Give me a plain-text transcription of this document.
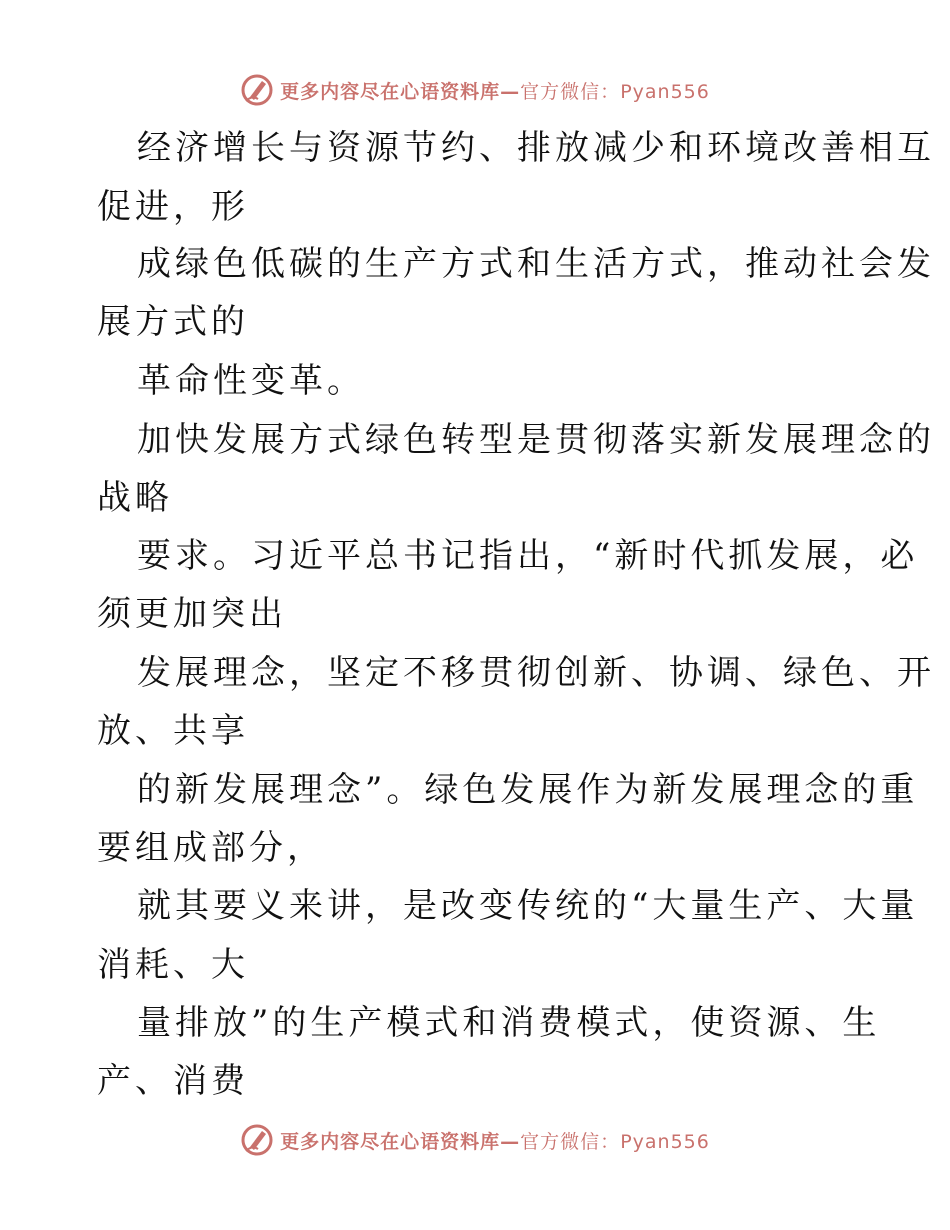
更多内容尽在心语资料库—官方微信：Pyan556
经济增长与资源节约、排放减少和环境改善相互
促进，形
成绿色低碳的生产方式和生活方式，推动社会发
展方式的
革命性变革。
加快发展方式绿色转型是贯彻落实新发展理念的
战略
要求。习近平总书记指出，“新时代抓发展，必
须更加突出
发展理念，坚定不移贯彻创新、协调、绿色、开
放、共享
的新发展理念”。绿色发展作为新发展理念的重
要组成部分，
就其要义来讲，是改变传统的“大量生产、大量
消耗、大
量排放”的生产模式和消费模式，使资源、生
产、消费
更多内容尽在心语资料库—官方微信：Pyan556
